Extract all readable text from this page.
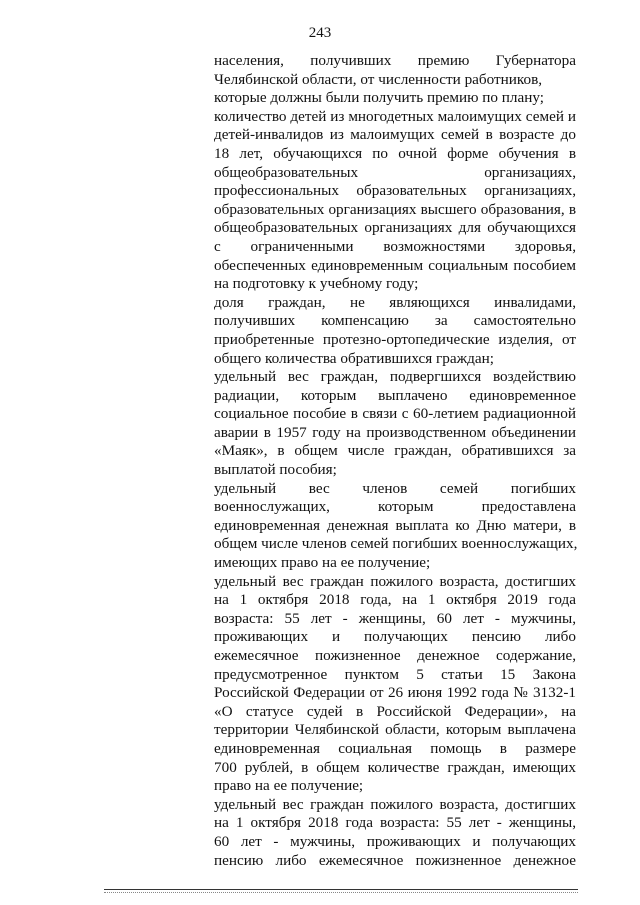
243
населения, получивших премию Губернатора
Челябинской области, от численности работников,
которые должны были получить премию по плану;
количество детей из многодетных малоимущих семей и
детей-инвалидов из малоимущих семей в возрасте до
18 лет, обучающихся по очной форме обучения в
общеобразовательных организациях,
профессиональных образовательных организациях,
образовательных организациях высшего образования, в
общеобразовательных организациях для обучающихся
с ограниченными возможностями здоровья,
обеспеченных единовременным социальным пособием
на подготовку к учебному году;
доля граждан, не являющихся инвалидами,
получивших компенсацию за самостоятельно
приобретенные протезно-ортопедические изделия, от
общего количества обратившихся граждан;
удельный вес граждан, подвергшихся воздействию
радиации, которым выплачено единовременное
социальное пособие в связи с 60-летием радиационной
аварии в 1957 году на производственном объединении
«Маяк», в общем числе граждан, обратившихся за
выплатой пособия;
удельный вес членов семей погибших
военнослужащих, которым предоставлена
единовременная денежная выплата ко Дню матери, в
общем числе членов семей погибших военнослужащих,
имеющих право на ее получение;
удельный вес граждан пожилого возраста, достигших
на 1 октября 2018 года, на 1 октября 2019 года
возраста: 55 лет - женщины, 60 лет - мужчины,
проживающих и получающих пенсию либо
ежемесячное пожизненное денежное содержание,
предусмотренное пунктом 5 статьи 15 Закона
Российской Федерации от 26 июня 1992 года № 3132-1
«О статусе судей в Российской Федерации», на
территории Челябинской области, которым выплачена
единовременная социальная помощь в размере
700 рублей, в общем количестве граждан, имеющих
право на ее получение;
удельный вес граждан пожилого возраста, достигших
на 1 октября 2018 года возраста: 55 лет - женщины,
60 лет - мужчины, проживающих и получающих
пенсию либо ежемесячное пожизненное денежное
